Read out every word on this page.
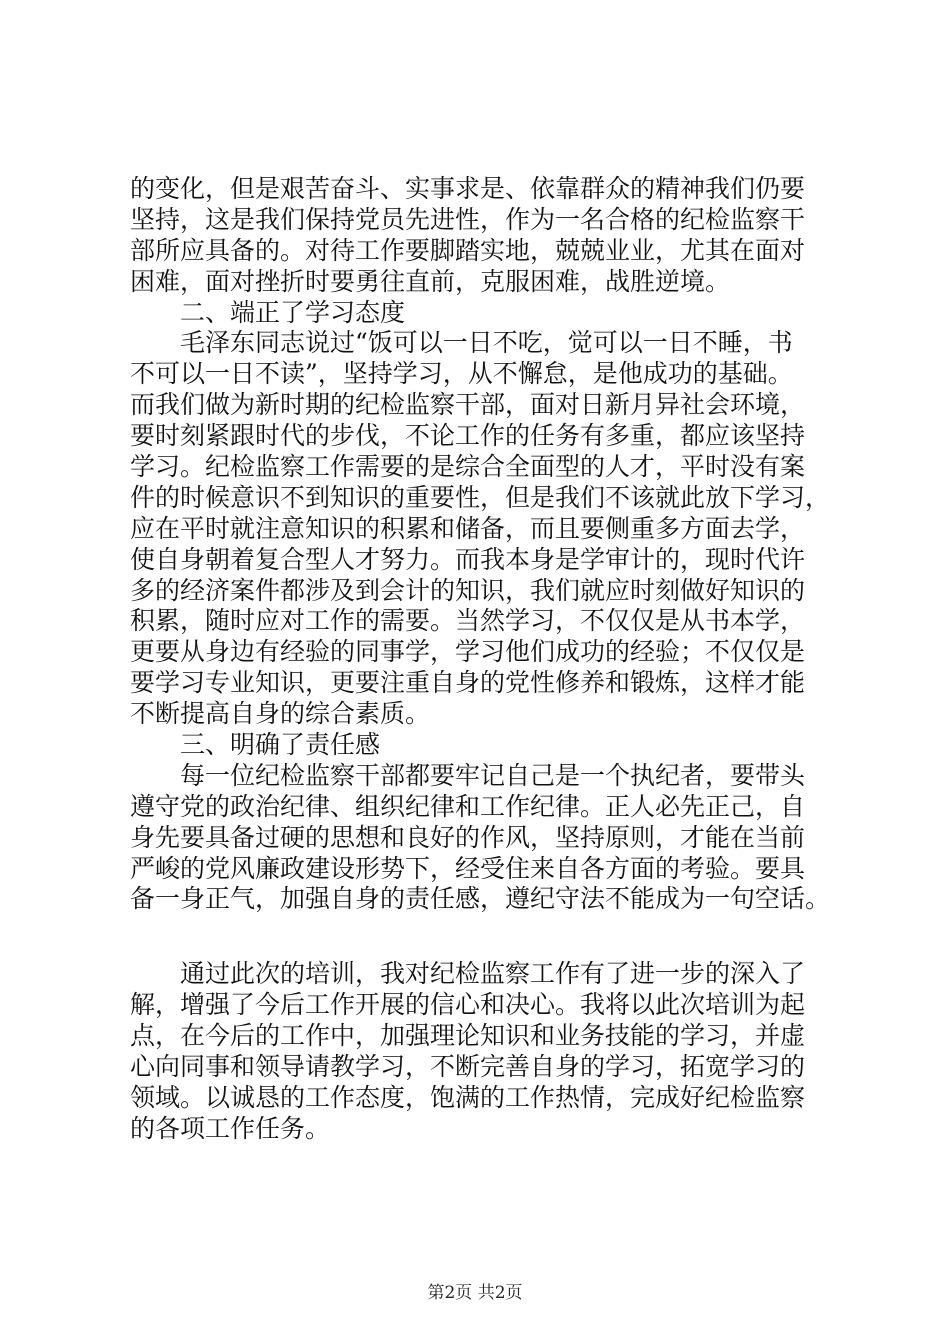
的变化，但是艰苦奋斗、实事求是、依靠群众的精神我们仍要
坚持，这是我们保持党员先进性，作为一名合格的纪检监察干
部所应具备的。对待工作要脚踏实地，兢兢业业，尤其在面对
困难，面对挫折时要勇往直前，克服困难，战胜逆境。
二、端正了学习态度
毛泽东同志说过“饭可以一日不吃，觉可以一日不睡，书
不可以一日不读”，坚持学习，从不懈怠，是他成功的基础。
而我们做为新时期的纪检监察干部，面对日新月异社会环境，
要时刻紧跟时代的步伐，不论工作的任务有多重，都应该坚持
学习。纪检监察工作需要的是综合全面型的人才，平时没有案
件的时候意识不到知识的重要性，但是我们不该就此放下学习，
应在平时就注意知识的积累和储备，而且要侧重多方面去学，
使自身朝着复合型人才努力。而我本身是学审计的，现时代许
多的经济案件都涉及到会计的知识，我们就应时刻做好知识的
积累，随时应对工作的需要。当然学习，不仅仅是从书本学，
更要从身边有经验的同事学，学习他们成功的经验；不仅仅是
要学习专业知识，更要注重自身的党性修养和锻炼，这样才能
不断提高自身的综合素质。
三、明确了责任感
每一位纪检监察干部都要牢记自己是一个执纪者，要带头
遵守党的政治纪律、组织纪律和工作纪律。正人必先正己，自
身先要具备过硬的思想和良好的作风，坚持原则，才能在当前
严峻的党风廉政建设形势下，经受住来自各方面的考验。要具
备一身正气，加强自身的责任感，遵纪守法不能成为一句空话。
通过此次的培训，我对纪检监察工作有了进一步的深入了
解，增强了今后工作开展的信心和决心。我将以此次培训为起
点，在今后的工作中，加强理论知识和业务技能的学习，并虚
心向同事和领导请教学习，不断完善自身的学习，拓宽学习的
领域。以诚恳的工作态度，饱满的工作热情，完成好纪检监察
的各项工作任务。
第2页 共2页
